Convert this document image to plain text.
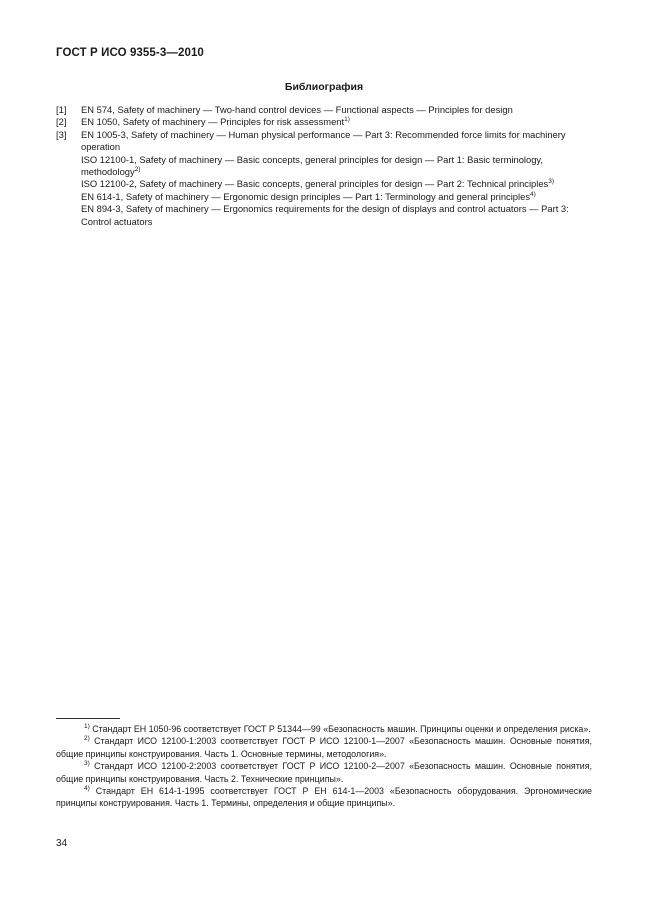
ГОСТ Р ИСО 9355-3—2010
Библиография
[1] EN 574, Safety of machinery — Two-hand control devices — Functional aspects — Principles for design
[2] EN 1050, Safety of machinery — Principles for risk assessment$^{1)}$
[3] EN 1005-3, Safety of machinery — Human physical performance — Part 3: Recommended force limits for machinery operation
ISO 12100-1, Safety of machinery — Basic concepts, general principles for design — Part 1: Basic terminology, methodology$^{2)}$
ISO 12100-2, Safety of machinery — Basic concepts, general principles for design — Part 2: Technical principles$^{3)}$
EN 614-1, Safety of machinery — Ergonomic design principles — Part 1: Terminology and general principles$^{4)}$
EN 894-3, Safety of machinery — Ergonomics requirements for the design of displays and control actuators — Part 3: Control actuators
$^{1)}$ Стандарт ЕН 1050-96 соответствует ГОСТ Р 51344—99 «Безопасность машин. Принципы оценки и определения риска».
$^{2)}$ Стандарт ИСО 12100-1:2003 соответствует ГОСТ Р ИСО 12100-1—2007 «Безопасность машин. Основные понятия, общие принципы конструирования. Часть 1. Основные термины, методология».
$^{3)}$ Стандарт ИСО 12100-2:2003 соответствует ГОСТ Р ИСО 12100-2—2007 «Безопасность машин. Основные понятия, общие принципы конструирования. Часть 2. Технические принципы».
$^{4)}$ Стандарт ЕН 614-1-1995 соответствует ГОСТ Р ЕН 614-1—2003 «Безопасность оборудования. Эргономические принципы конструирования. Часть 1. Термины, определения и общие принципы».
34
